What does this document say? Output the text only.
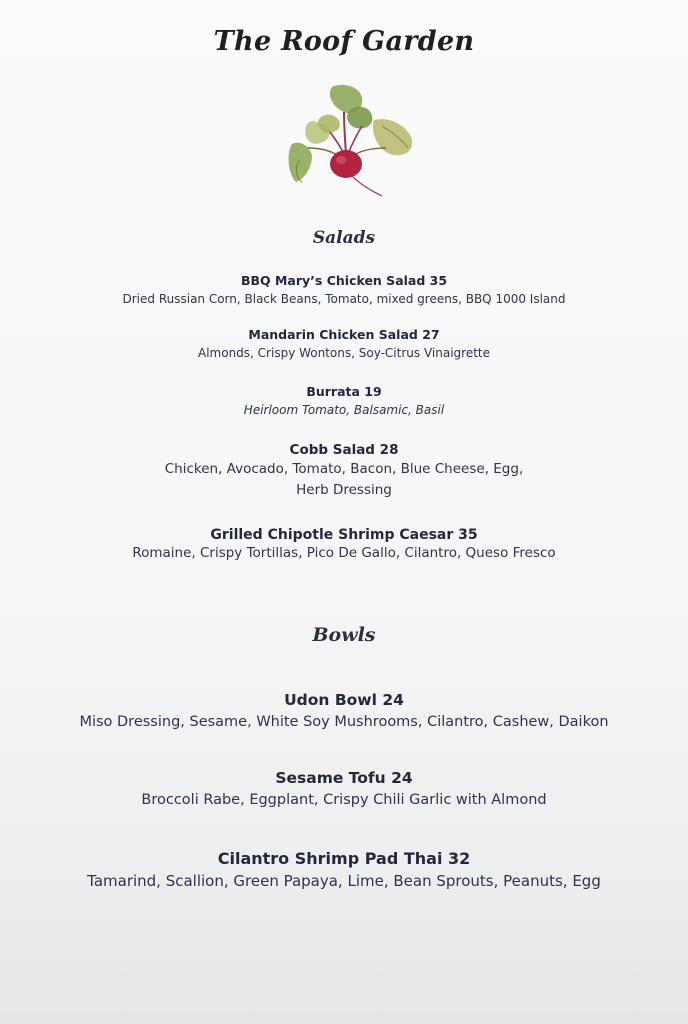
The Roof Garden
Salads
BBQ Mary’s Chicken Salad 35
Dried Russian Corn, Black Beans, Tomato, mixed greens, BBQ 1000 Island
Mandarin Chicken Salad 27
Almonds, Crispy Wontons, Soy-Citrus Vinaigrette
Burrata 19
Heirloom Tomato, Balsamic, Basil
Cobb Salad 28
Chicken, Avocado, Tomato, Bacon, Blue Cheese, Egg,
Herb Dressing
Grilled Chipotle Shrimp Caesar 35
Romaine, Crispy Tortillas, Pico De Gallo, Cilantro, Queso Fresco
Bowls
Udon Bowl 24
Miso Dressing, Sesame, White Soy Mushrooms, Cilantro, Cashew, Daikon
Sesame Tofu 24
Broccoli Rabe, Eggplant, Crispy Chili Garlic with Almond
Cilantro Shrimp Pad Thai 32
Tamarind, Scallion, Green Papaya, Lime, Bean Sprouts, Peanuts, Egg
